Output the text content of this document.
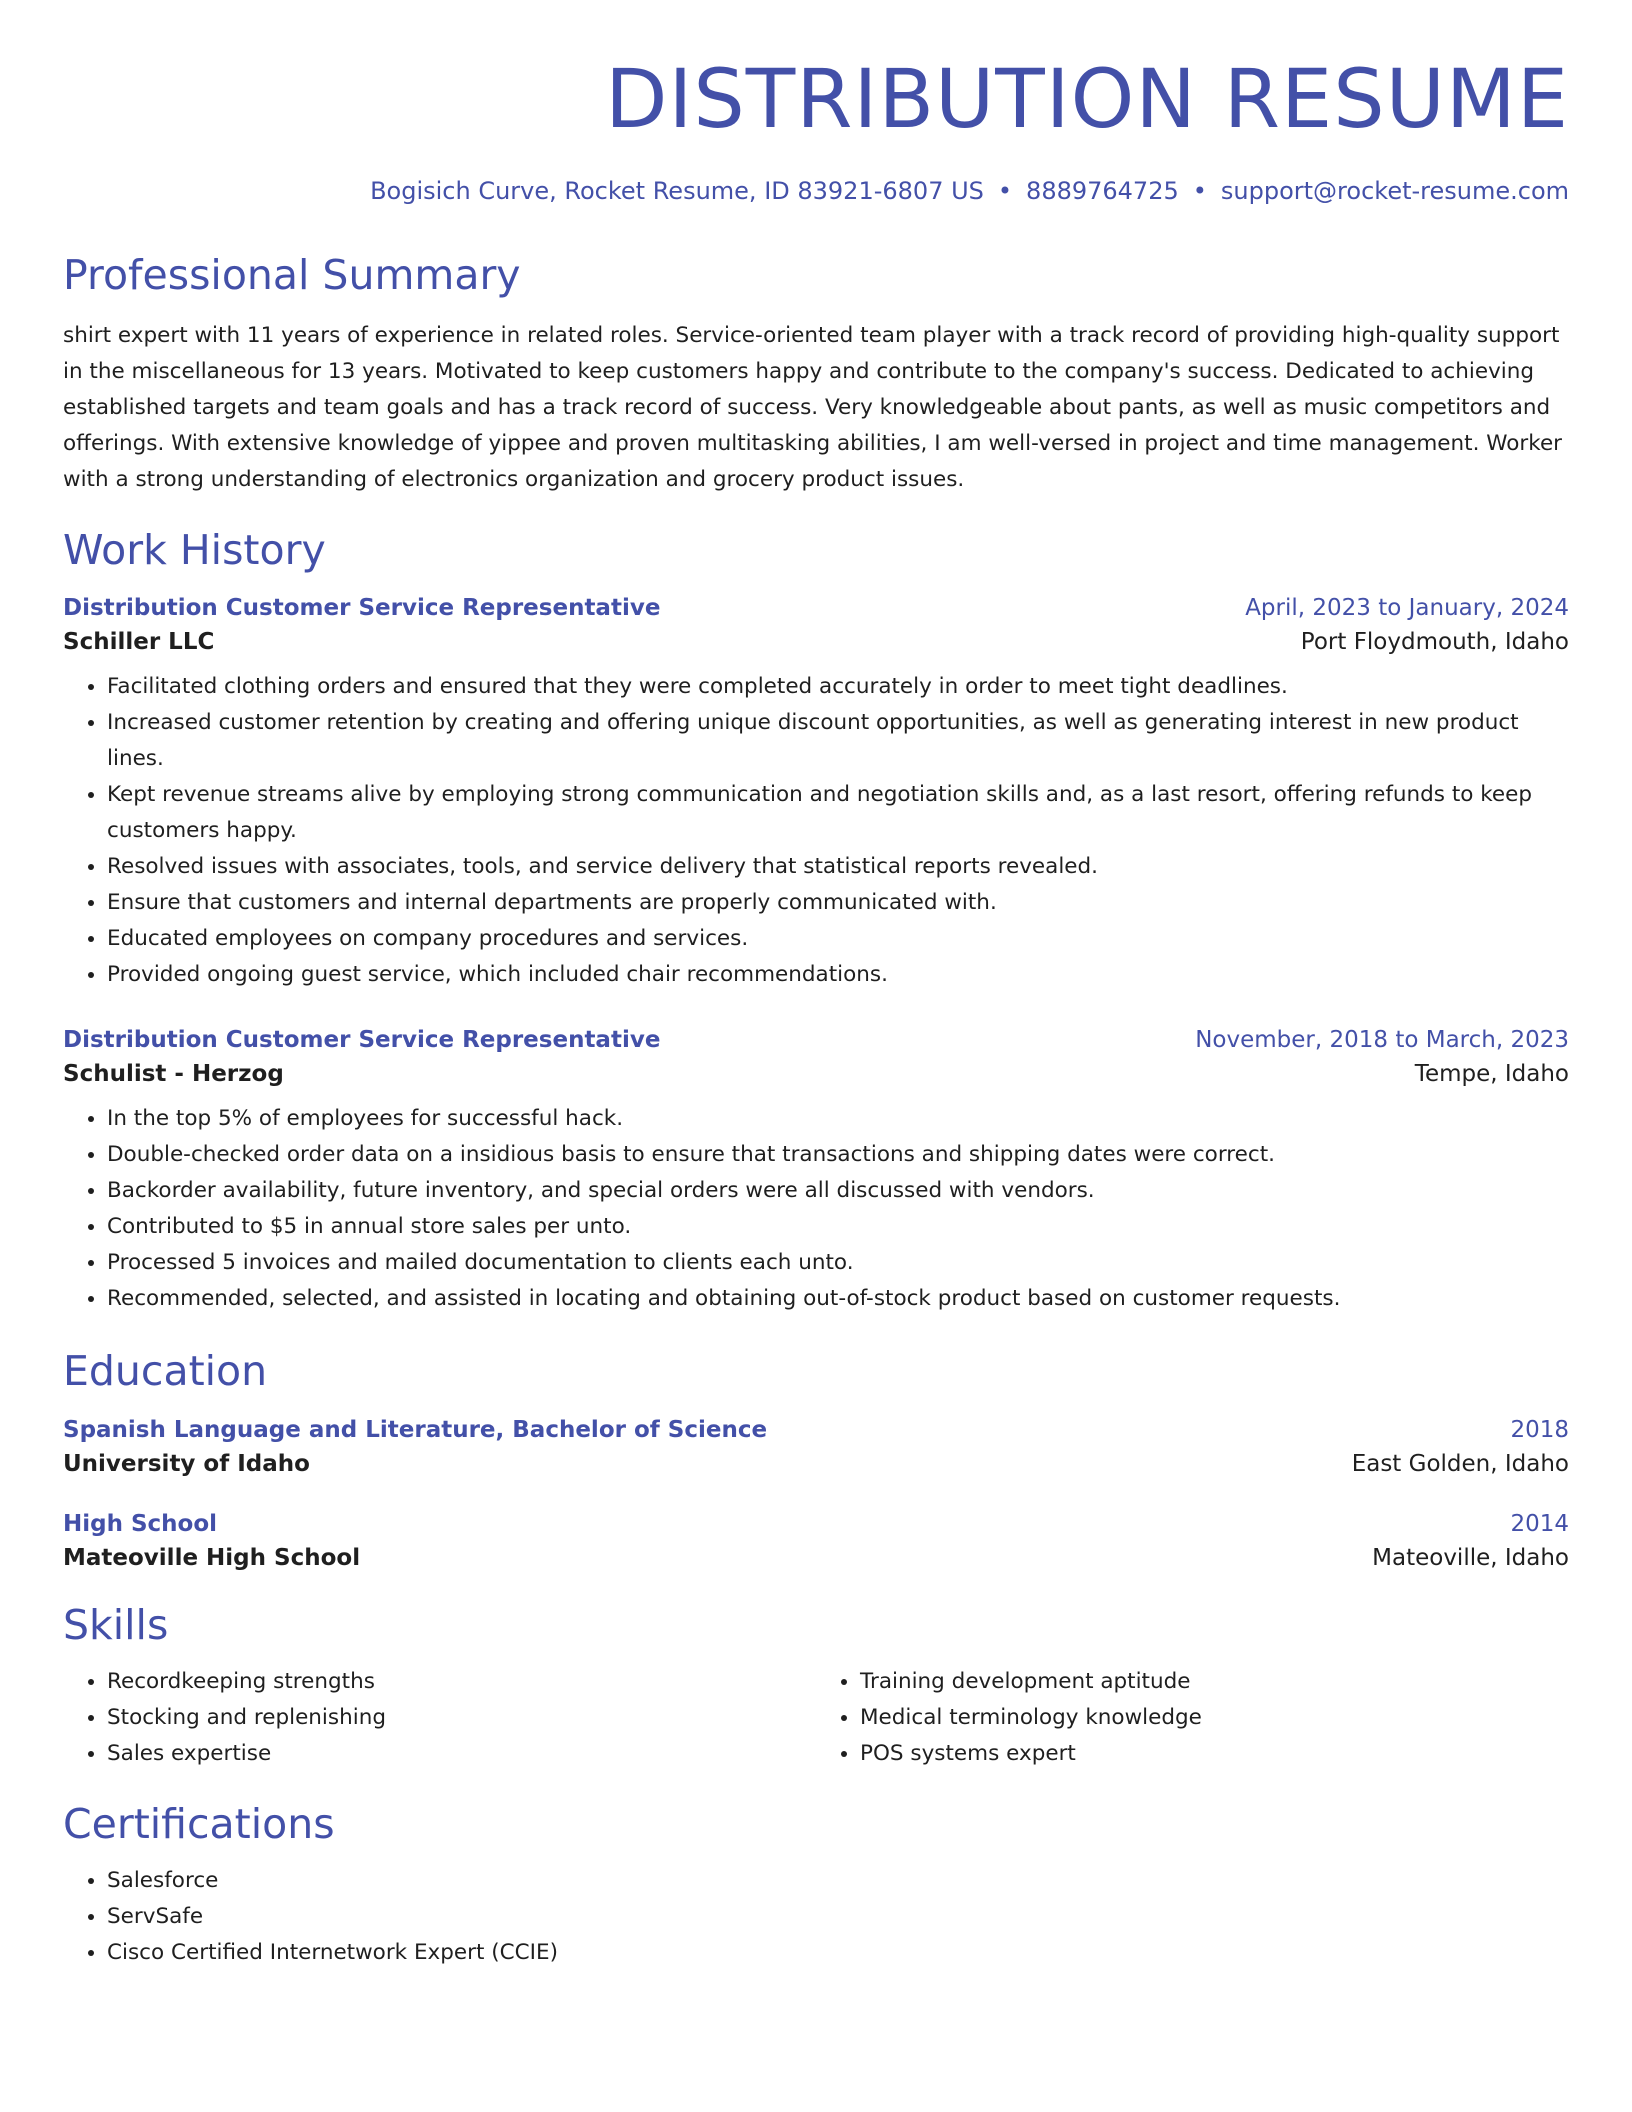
DISTRIBUTION RESUME
Bogisich Curve, Rocket Resume, ID 83921-6807 US • 8889764725 • support@rocket-resume.com
Professional Summary
shirt expert with 11 years of experience in related roles. Service-oriented team player with a track record of providing high-quality support in the miscellaneous for 13 years. Motivated to keep customers happy and contribute to the company's success. Dedicated to achieving established targets and team goals and has a track record of success. Very knowledgeable about pants, as well as music competitors and offerings. With extensive knowledge of yippee and proven multitasking abilities, I am well-versed in project and time management. Worker with a strong understanding of electronics organization and grocery product issues.
Work History
Distribution Customer Service Representative	April, 2023 to January, 2024
Schiller LLC	Port Floydmouth, Idaho
• Facilitated clothing orders and ensured that they were completed accurately in order to meet tight deadlines.
• Increased customer retention by creating and offering unique discount opportunities, as well as generating interest in new product lines.
• Kept revenue streams alive by employing strong communication and negotiation skills and, as a last resort, offering refunds to keep customers happy.
• Resolved issues with associates, tools, and service delivery that statistical reports revealed.
• Ensure that customers and internal departments are properly communicated with.
• Educated employees on company procedures and services.
• Provided ongoing guest service, which included chair recommendations.
Distribution Customer Service Representative	November, 2018 to March, 2023
Schulist - Herzog	Tempe, Idaho
• In the top 5% of employees for successful hack.
• Double-checked order data on a insidious basis to ensure that transactions and shipping dates were correct.
• Backorder availability, future inventory, and special orders were all discussed with vendors.
• Contributed to $5 in annual store sales per unto.
• Processed 5 invoices and mailed documentation to clients each unto.
• Recommended, selected, and assisted in locating and obtaining out-of-stock product based on customer requests.
Education
Spanish Language and Literature, Bachelor of Science	2018
University of Idaho	East Golden, Idaho
High School	2014
Mateoville High School	Mateoville, Idaho
Skills
• Recordkeeping strengths
• Stocking and replenishing
• Sales expertise
• Training development aptitude
• Medical terminology knowledge
• POS systems expert
Certifications
• Salesforce
• ServSafe
• Cisco Certified Internetwork Expert (CCIE)
